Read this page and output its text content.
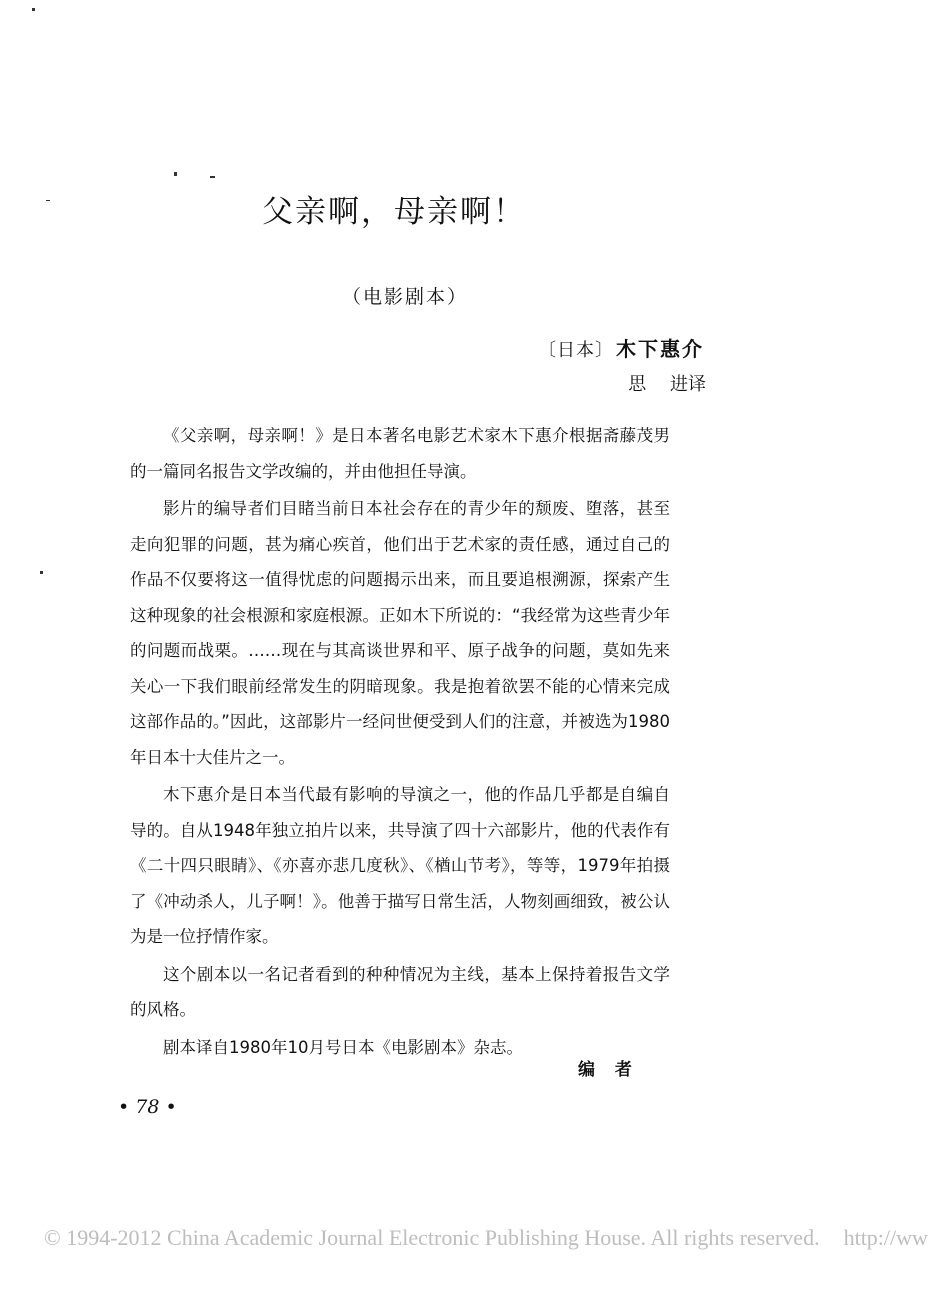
父亲啊，母亲啊！
（电影剧本）
〔日本〕 木下惠介
思 进译

《父亲啊，母亲啊！》是日本著名电影艺术家木下惠介根据斋藤茂男的一篇同名报告文学改编的，并由他担任导演。

影片的编导者们目睹当前日本社会存在的青少年的颓废、堕落，甚至走向犯罪的问题，甚为痛心疾首，他们出于艺术家的责任感，通过自己的作品不仅要将这一值得忧虑的问题揭示出来，而且要追根溯源，探索产生这种现象的社会根源和家庭根源。正如木下所说的：“我经常为这些青少年的问题而战栗。……现在与其高谈世界和平、原子战争的问题，莫如先来关心一下我们眼前经常发生的阴暗现象。我是抱着欲罢不能的心情来完成这部作品的。”因此，这部影片一经问世便受到人们的注意，并被选为1980年日本十大佳片之一。

木下惠介是日本当代最有影响的导演之一，他的作品几乎都是自编自导的。自从1948年独立拍片以来，共导演了四十六部影片，他的代表作有《二十四只眼睛》、《亦喜亦悲几度秋》、《楢山节考》，等等，1979年拍摄了《冲动杀人，儿子啊！》。他善于描写日常生活，人物刻画细致，被公认为是一位抒情作家。

这个剧本以一名记者看到的种种情况为主线，基本上保持着报告文学的风格。

剧本译自1980年10月号日本《电影剧本》杂志。

编 者
• 78 •
© 1994-2012 China Academic Journal Electronic Publishing House. All rights reserved. http://ww
